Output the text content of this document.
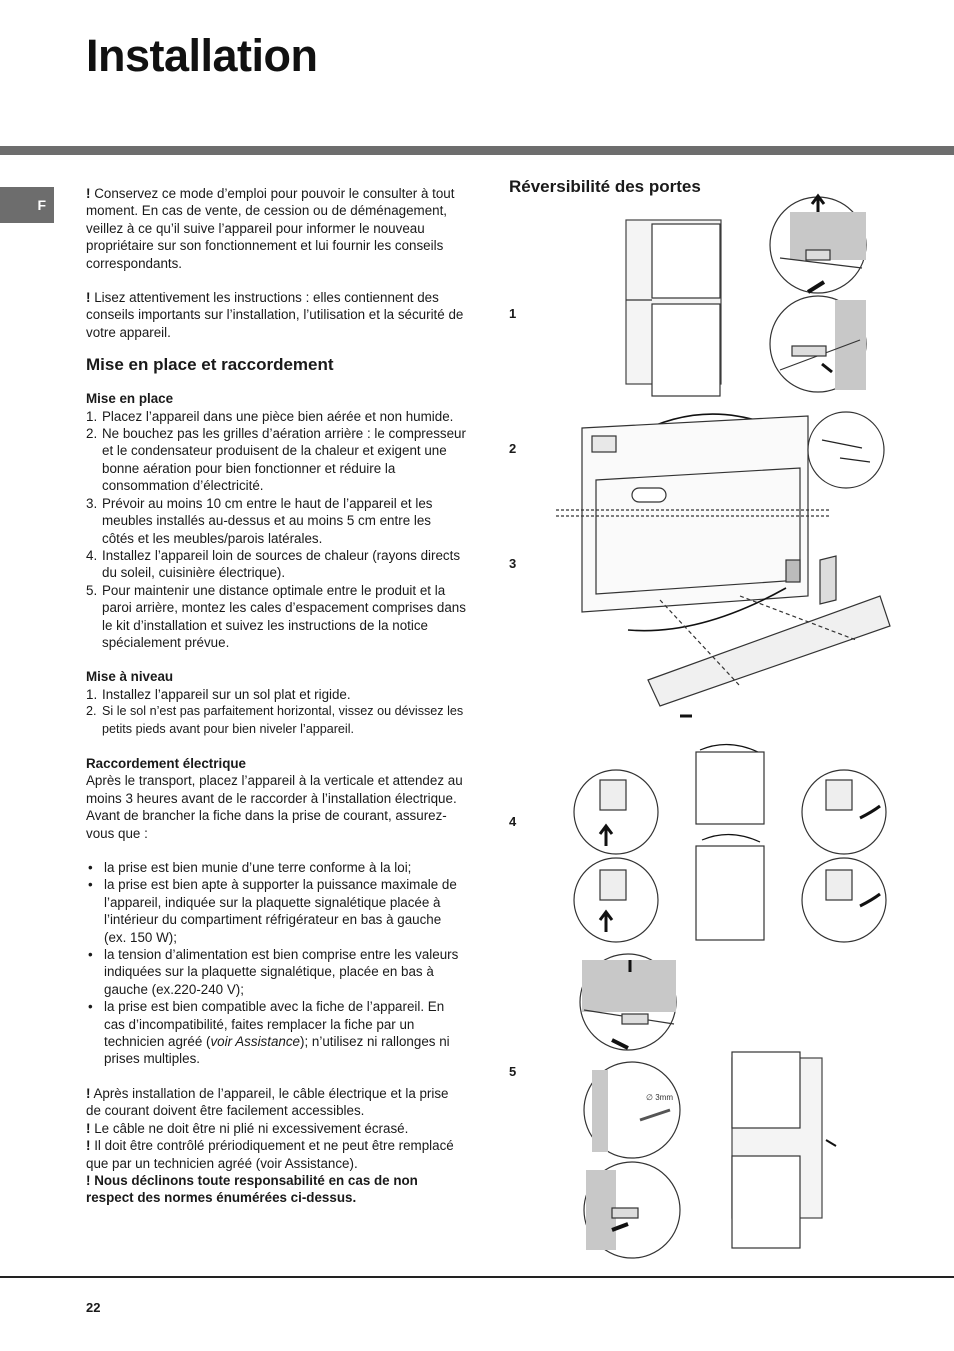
Installation
F

! Conservez ce mode d’emploi pour pouvoir le consulter à tout moment. En cas de vente, de cession ou de déménagement, veillez à ce qu’il suive l’appareil pour informer le nouveau propriétaire sur son fonctionnement et lui fournir les conseils correspondants.

! Lisez attentivement les instructions : elles contiennent des conseils importants sur l’installation, l’utilisation et la sécurité de votre appareil.

Mise en place et raccordement
Mise en place
1. Placez l’appareil dans une pièce bien aérée et non humide.
2. Ne bouchez pas les grilles d’aération arrière : le compresseur et le condensateur produisent de la chaleur et exigent une bonne aération pour bien fonctionner et réduire la consommation d’électricité.
3. Prévoir au moins 10 cm entre le haut de l’appareil et les meubles installés au-dessus et au moins 5 cm entre les côtés et les meubles/parois latérales.
4. Installez l’appareil loin de sources de chaleur (rayons directs du soleil, cuisinière électrique).
5. Pour maintenir une distance optimale entre le produit et la paroi arrière, montez les cales d’espacement comprises dans le kit d’installation et suivez les instructions de la notice spécialement prévue.
Mise à niveau
1. Installez l’appareil sur un sol plat et rigide.
2. Si le sol n’est pas parfaitement horizontal, vissez ou dévissez les petits pieds avant pour bien niveler l’appareil.
Raccordement électrique

Après le transport, placez l’appareil à la verticale et attendez au moins 3 heures avant de le raccorder à l’installation électrique. Avant de brancher la fiche dans la prise de courant, assurez-vous que :

• la prise est bien munie d’une terre conforme à la loi;
• la prise est bien apte à supporter la puissance maximale de l’appareil, indiquée sur la plaquette signalétique placée à l’intérieur du compartiment réfrigérateur en bas à gauche (ex. 150 W);
• la tension d’alimentation est bien comprise entre les valeurs indiquées sur la plaquette signalétique, placée en bas à gauche (ex.220-240 V);
• la prise est bien compatible avec la fiche de l’appareil. En cas d’incompatibilité, faites remplacer la fiche par un technicien agréé (voir Assistance); n’utilisez ni rallonges ni prises multiples.

! Après installation de l’appareil, le câble électrique et la prise de courant doivent être facilement accessibles.

! Le câble ne doit être ni plié ni excessivement écrasé.

! Il doit être contrôlé prériodiquement et ne peut être remplacé que par un technicien agréé (voir Assistance).

! Nous déclinons toute responsabilité en cas de non respect des normes énumérées ci-dessus.

Réversibilité des portes
1
2
3
4
5
∅ 3mm
22
